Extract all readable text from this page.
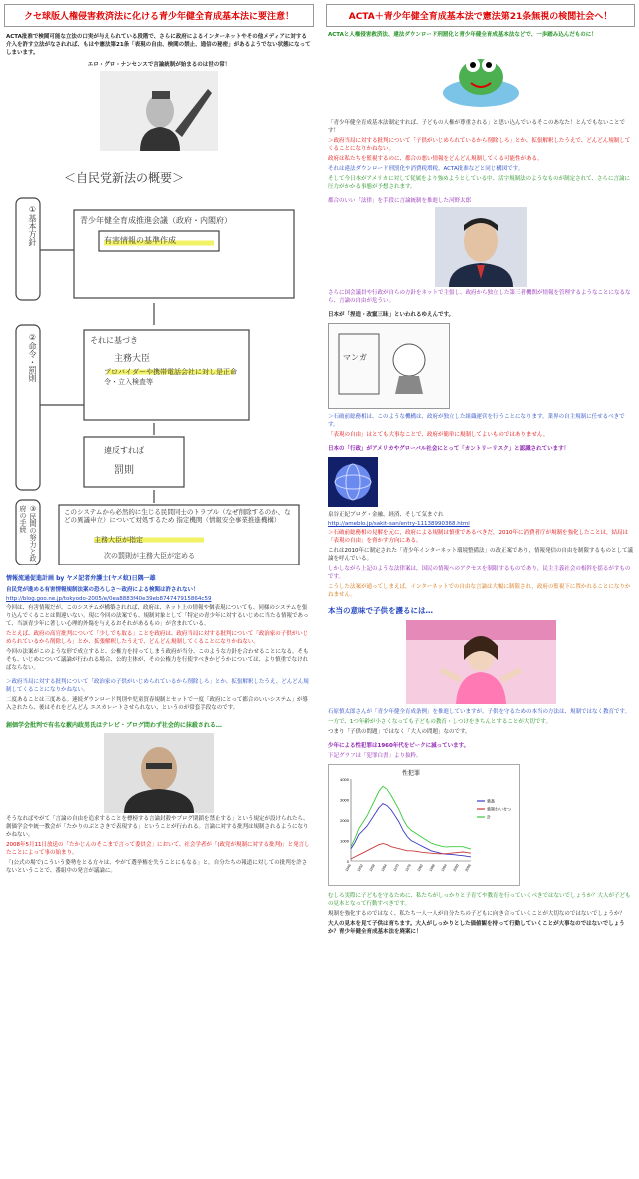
クセ球版人権侵害救済法に化ける青少年健全育成基本法に要注意！
ACTA批准で検閲可能な立法の口実が与えられている段階で、さらに政府によるインターネットやその他メディアに対する介入を許す立法がなされれば、もはや憲法第21条「表現の自由、検閲の禁止、通信の秘密」があるようでない状態になってしまいます。
エロ・グロ・ナンセンスで言論統制が始まるのは世の常！
＜自民党新法の概要＞
①基本方針	青少年健全育成推進会議（政府・内閣府）
有害情報の基準作成
②命令・罰則	それに基づき
主務大臣
プロバイダーや携帯電話会社に対し是正命令・立入検査等
違反すれば
罰則
③民間の努力と政府の手続	このシステムから必然的に生じる民間同士のトラブル（なぜ削除するのか、などの異議申立）について対処するため 指定機関（情報安全事業推進機構）
主務大臣が指定
次の罰則が主務大臣が定める
情報流通促進計画 by ヤメ記者弁護士(ヤメ蚊)日隅一雄
自民党が進める有害情報規制法案の恐ろしさ〜政府による検閲は許されない！
http://blog.goo.ne.jp/tokyodo-2005/e/0ea8883f40e39eb874747915864c59
今回は、有害情報だが、このシステムが構築されれば、政府は、ネット上の情報や個表現についても、同様のシステムを張り込んでくることは間違いない。現に今回の法案でも、規制対象として「特定の青少年に対するいじめに当たる情報であって、当該青少年に著しい心理的外傷を与えるおそれがあるもの」が含まれている。
たとえば、政府の高官批判について「少しでも取る」ことを政府は、政府当局に対する批判について「政治家の子供がいじめられているから削除しろ」とか、拡張解釈したうえで、どんどん規制してくることになりかねない。
今回の法案がこのような形で成立すると、公権力を持ってしまう政府が当分、このような方針を合わせることになる。そもそも、いじめについて議論が行われる場合、公的主体が、その公権力を行使すべきかどうかについては、より慎重でなければならない。
＞政府当局に対する批判について「政治家の子供がいじめられているから削除しろ」とか、拡張解釈したうえ、どんどん規制してくることになりかねない。
二度あることは三度ある。連続ダウンロード判別や児童買春規制とセットで一度「政府にとって都合のいいシステム」が導入されたら、後はそれをどんどん エスカレートさせられない、というのが常套手段なのです。
創価学会批判で有名な薮内政男氏はテレビ・ブログ問わず社会的に抹殺される…
そうなればやがて「言論の自由を追求することを標榜する言論封殺やブログ閉鎖を禁止する」という規定が設けられたら、創価学会や統一教会が「たかりのぶとさきで表現する」ということが行われる。言論に対する批判は規制されるようになりかねない。
2008年5月11日放送の「たかじんのそこまで言って委員会」において、社会学者が「(政党が規制に対する批判)」と発言したことによって事の始まり。
「(公式の場で)こういう姿勢をとる方々は、やがて選挙権を失うことにもなる」と。自分たちの報道に対しての批判を許さないということで、番組中の発言が議論に。
ACTA＋青少年健全育成基本法で憲法第21条無視の検閲社会へ！
ACTAと人権侵害救済法、違法ダウンロード刑罰化と青少年健全育成基本法などで、一歩踏み込んだものに！
「青少年健全育成基本法制定すれば、子どもの人権が尊重される」と思い込んでいるそこのあなた！とんでもないことです！
＞政府当局に対する批判について「子供がいじめられているから削除しろ」とか、拡張解釈したうえで、どんどん規制してくることになりかねない。
政府は私たちを監視するのに、都合の悪い情報をどんどん規制してくる可能性がある。
それは違法ダウンロード刑罰化や消費税増税、ACTA批准などと同じ構図です。
そして今日本がアメリカに対して従属をより強めようとしている中、活字規制法のようなものが制定されて、さらに言論に圧力がかかる事態が予想されます。
都合のいい「法律」を手段に言論統制を推進した河野太郎
さらに国会議員や行政が自らの方針をネットで主張し、政府から独立した第三者機関が情報を管理するようなことになるなら、言論の自由が危うい。
日本が「捏造・改竄三昧」といわれるゆえんです。
マンガ
＞石破前総務相は、このような機構は、政府が独立した組織運営を行うことになります。業界の自主規制に任せるべきです。
「表現の自由」はとても大事なことで、政府が簡単に規制してよいものではありません。
日本の「行政」がアメリカやグローバル社会にとって「カントリーリスク」と認識されています！
泉谷正紀ブログ・金融、経済、そして気まぐれ
http://ameblo.jp/sakit-san/entry-11138990368.html
＞石破前総務相の見解を元に，政府による規制は慎重であるべきだ，2010年に消費者庁が規制を強化したことは，結局は「表現の自由」を脅かす方向にある。
これは2010年に制定された「青少年インターネット環境整備法」の改正案であり，情報発信の自由を制限するものとして議論を呼んでいる。
しかしながら上記のような法律案は，国民の情報へのアクセスを制限するものであり，民主主義社会の根幹を揺るがすものです。
こうした法案が通ってしまえば，インターネットでの自由な言論は大幅に制限され，政府の監視下に置かれることになりかねません。
本当の意味で子供を護るには…
石原慎太郎さんが「青少年健全育成条例」を推進していますが、子供を守るための本当の方法は、規制ではなく教育です。
一方で、1つ年齢が小さくなっても子どもの教育・しつけをきちんとすることが大切です。
つまり「子供の問題」ではなく「大人の問題」なのです。
少年による性犯罪は1960年代をピークに減っています。
下記グラフは「犯罪白書」より抜粋。
性犯罪
0
1000
2000
3000
4000
1946 1952 1958 1964 1970 1976 1982 1988 1994 2000 2006
強姦
強制わいせつ
計
むしろ実際に子どもを守るために、私たちがしっかりと子育てや教育を行っていくべきではないでしょうか？大人が子どもの見本となって行動すべきです。
規制を強化するのではなく、私たち一人一人が自分たちの子どもに向き合っていくことが大切なのではないでしょうか？
大人の見本を見て子供は育ちます。大人がしっかりとした価値観を持って行動していくことが大事なのではないでしょうか？青少年健全育成基本法を廃案に！
